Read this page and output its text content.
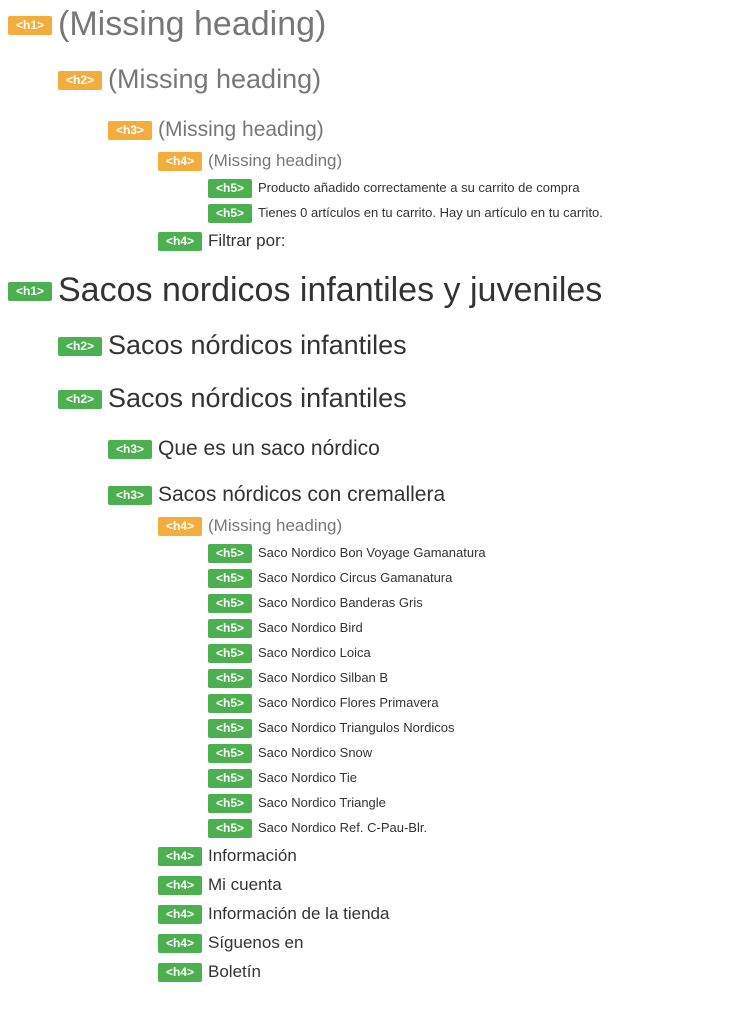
<h1> (Missing heading)
<h2> (Missing heading)
<h3> (Missing heading)
<h4> (Missing heading)
<h5>	Producto añadido correctamente a su carrito de compra
<h5>	Tienes 0 artículos en tu carrito. Hay un artículo en tu carrito.
<h4> Filtrar por:
<h1> Sacos nordicos infantiles y juveniles
<h2> Sacos nórdicos infantiles
<h2> Sacos nórdicos infantiles
<h3> Que es un saco nórdico
<h3> Sacos nórdicos con cremallera
<h4> (Missing heading)
<h5>	Saco Nordico Bon Voyage Gamanatura
<h5>	Saco Nordico Circus Gamanatura
<h5>	Saco Nordico Banderas Gris
<h5>	Saco Nordico Bird
<h5>	Saco Nordico Loica
<h5>	Saco Nordico Silban B
<h5>	Saco Nordico Flores Primavera
<h5>	Saco Nordico Triangulos Nordicos
<h5>	Saco Nordico Snow
<h5>	Saco Nordico Tie
<h5>	Saco Nordico Triangle
<h5>	Saco Nordico Ref. C-Pau-Blr.
<h4> Información
<h4> Mi cuenta
<h4> Información de la tienda
<h4> Síguenos en
<h4> Boletín
